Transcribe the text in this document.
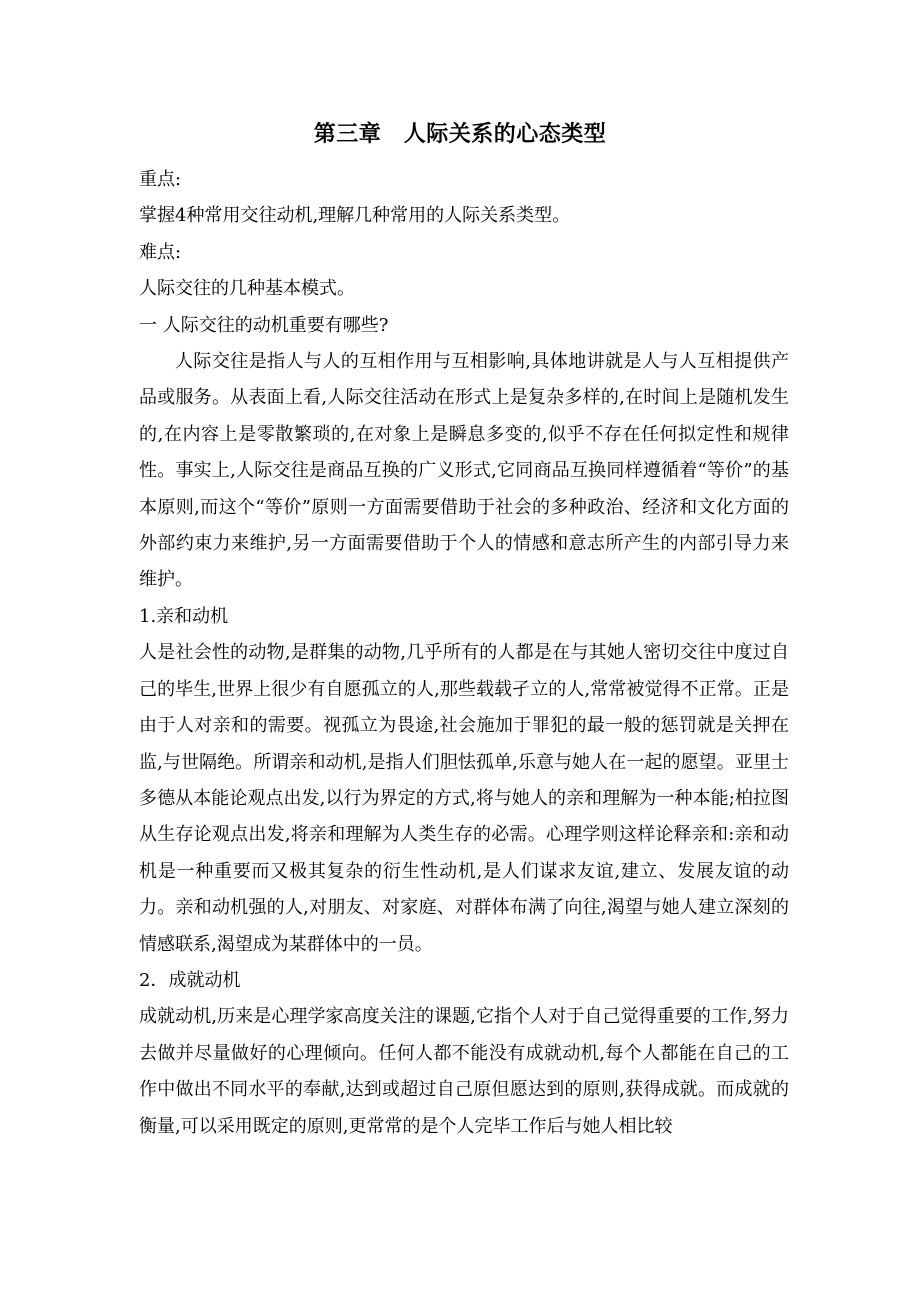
第三章　人际关系的心态类型

重点:

掌握4种常用交往动机,理解几种常用的人际关系类型。

难点:

人际交往的几种基本模式。

一 人际交往的动机重要有哪些?

人际交往是指人与人的互相作用与互相影响,具体地讲就是人与人互相提供产品或服务。从表面上看,人际交往活动在形式上是复杂多样的,在时间上是随机发生的,在内容上是零散繁琐的,在对象上是瞬息多变的,似乎不存在任何拟定性和规律性。事实上,人际交往是商品互换的广义形式,它同商品互换同样遵循着“等价”的基本原则,而这个“等价”原则一方面需要借助于社会的多种政治、经济和文化方面的外部约束力来维护,另一方面需要借助于个人的情感和意志所产生的内部引导力来维护。

1.亲和动机

人是社会性的动物,是群集的动物,几乎所有的人都是在与其她人密切交往中度过自己的毕生,世界上很少有自愿孤立的人,那些载载孑立的人,常常被觉得不正常。正是由于人对亲和的需要。视孤立为畏途,社会施加于罪犯的最一般的惩罚就是关押在监,与世隔绝。所谓亲和动机,是指人们胆怯孤单,乐意与她人在一起的愿望。亚里士多德从本能论观点出发,以行为界定的方式,将与她人的亲和理解为一种本能;柏拉图从生存论观点出发,将亲和理解为人类生存的必需。心理学则这样论释亲和:亲和动机是一种重要而又极其复杂的衍生性动机,是人们谋求友谊,建立、发展友谊的动力。亲和动机强的人,对朋友、对家庭、对群体布满了向往,渴望与她人建立深刻的情感联系,渴望成为某群体中的一员。

2．成就动机

成就动机,历来是心理学家高度关注的课题,它指个人对于自己觉得重要的工作,努力去做并尽量做好的心理倾向。任何人都不能没有成就动机,每个人都能在自己的工作中做出不同水平的奉献,达到或超过自己原但愿达到的原则,获得成就。而成就的衡量,可以采用既定的原则,更常常的是个人完毕工作后与她人相比较
